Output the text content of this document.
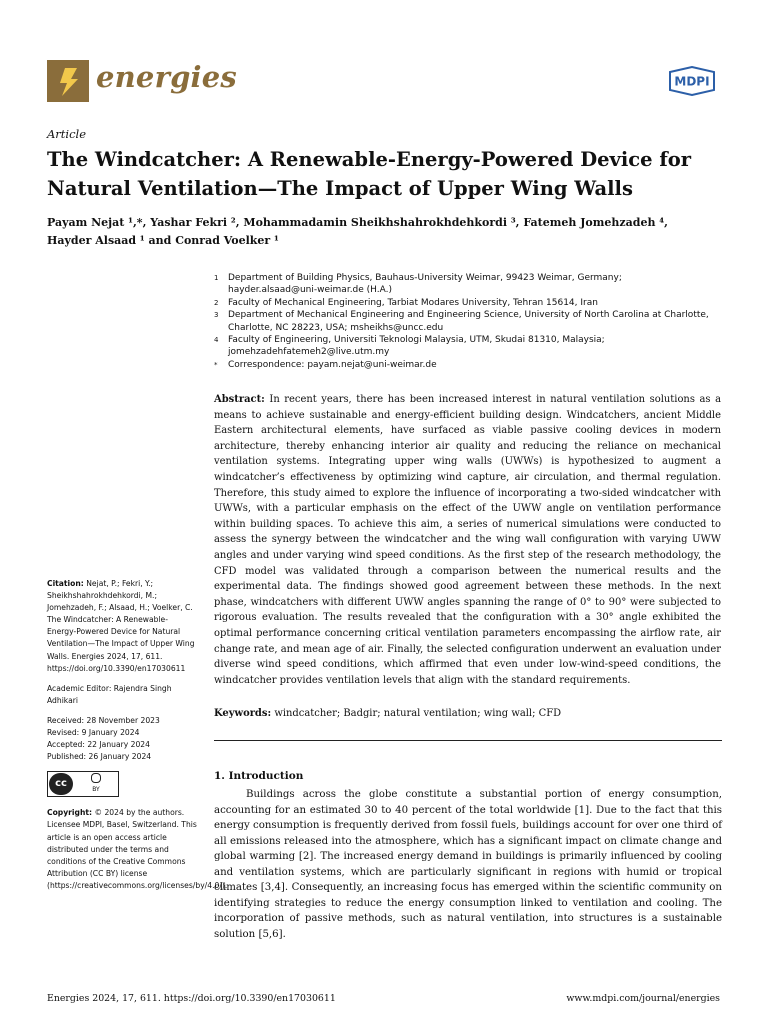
energies	MDPI
Article
The Windcatcher: A Renewable-Energy-Powered Device for Natural Ventilation—The Impact of Upper Wing Walls
Payam Nejat ¹,*, Yashar Fekri ², Mohammadamin Sheikhshahrokhdehkordi ³, Fatemeh Jomehzadeh ⁴,
Hayder Alsaad ¹ and Conrad Voelker ¹
1	Department of Building Physics, Bauhaus-University Weimar, 99423 Weimar, Germany;
hayder.alsaad@uni-weimar.de (H.A.)
2	Faculty of Mechanical Engineering, Tarbiat Modares University, Tehran 15614, Iran
3	Department of Mechanical Engineering and Engineering Science, University of North Carolina at Charlotte,
Charlotte, NC 28223, USA; msheikhs@uncc.edu
4	Faculty of Engineering, Universiti Teknologi Malaysia, UTM, Skudai 81310, Malaysia;
jomehzadehfatemeh2@live.utm.my
*	Correspondence: payam.nejat@uni-weimar.de
Abstract: In recent years, there has been increased interest in natural ventilation solutions as a means to achieve sustainable and energy-efficient building design. Windcatchers, ancient Middle Eastern architectural elements, have surfaced as viable passive cooling devices in modern architecture, thereby enhancing interior air quality and reducing the reliance on mechanical ventilation systems. Integrating upper wing walls (UWWs) is hypothesized to augment a windcatcher’s effectiveness by optimizing wind capture, air circulation, and thermal regulation. Therefore, this study aimed to explore the influence of incorporating a two-sided windcatcher with UWWs, with a particular emphasis on the effect of the UWW angle on ventilation performance within building spaces. To achieve this aim, a series of numerical simulations were conducted to assess the synergy between the windcatcher and the wing wall configuration with varying UWW angles and under varying wind speed conditions. As the first step of the research methodology, the CFD model was validated through a comparison between the numerical results and the experimental data. The findings showed good agreement between these methods. In the next phase, windcatchers with different UWW angles spanning the range of 0° to 90° were subjected to rigorous evaluation. The results revealed that the configuration with a 30° angle exhibited the optimal performance concerning critical ventilation parameters encompassing the airflow rate, air change rate, and mean age of air. Finally, the selected configuration underwent an evaluation under diverse wind speed conditions, which affirmed that even under low-wind-speed conditions, the windcatcher provides ventilation levels that align with the standard requirements.
Keywords: windcatcher; Badgir; natural ventilation; wing wall; CFD
1. Introduction

Buildings across the globe constitute a substantial portion of energy consumption, accounting for an estimated 30 to 40 percent of the total worldwide [1]. Due to the fact that this energy consumption is frequently derived from fossil fuels, buildings account for over one third of all emissions released into the atmosphere, which has a significant impact on climate change and global warming [2]. The increased energy demand in buildings is primarily influenced by cooling and ventilation systems, which are particularly significant in regions with humid or tropical climates [3,4]. Consequently, an increasing focus has emerged within the scientific community on identifying strategies to reduce the energy consumption linked to ventilation and cooling. The incorporation of passive methods, such as natural ventilation, into structures is a sustainable solution [5,6].

Citation: Nejat, P.; Fekri, Y.; Sheikhshahrokhdehkordi, M.; Jomehzadeh, F.; Alsaad, H.; Voelker, C. The Windcatcher: A Renewable-Energy-Powered Device for Natural Ventilation—The Impact of Upper Wing Walls. Energies 2024, 17, 611. https://doi.org/10.3390/en17030611
Academic Editor: Rajendra Singh Adhikari
Received: 28 November 2023
Revised: 9 January 2024
Accepted: 22 January 2024
Published: 26 January 2024
cc	BY
Copyright: © 2024 by the authors. Licensee MDPI, Basel, Switzerland. This article is an open access article distributed under the terms and conditions of the Creative Commons Attribution (CC BY) license (https://creativecommons.org/licenses/by/4.0/).
Energies 2024, 17, 611. https://doi.org/10.3390/en17030611	www.mdpi.com/journal/energies
